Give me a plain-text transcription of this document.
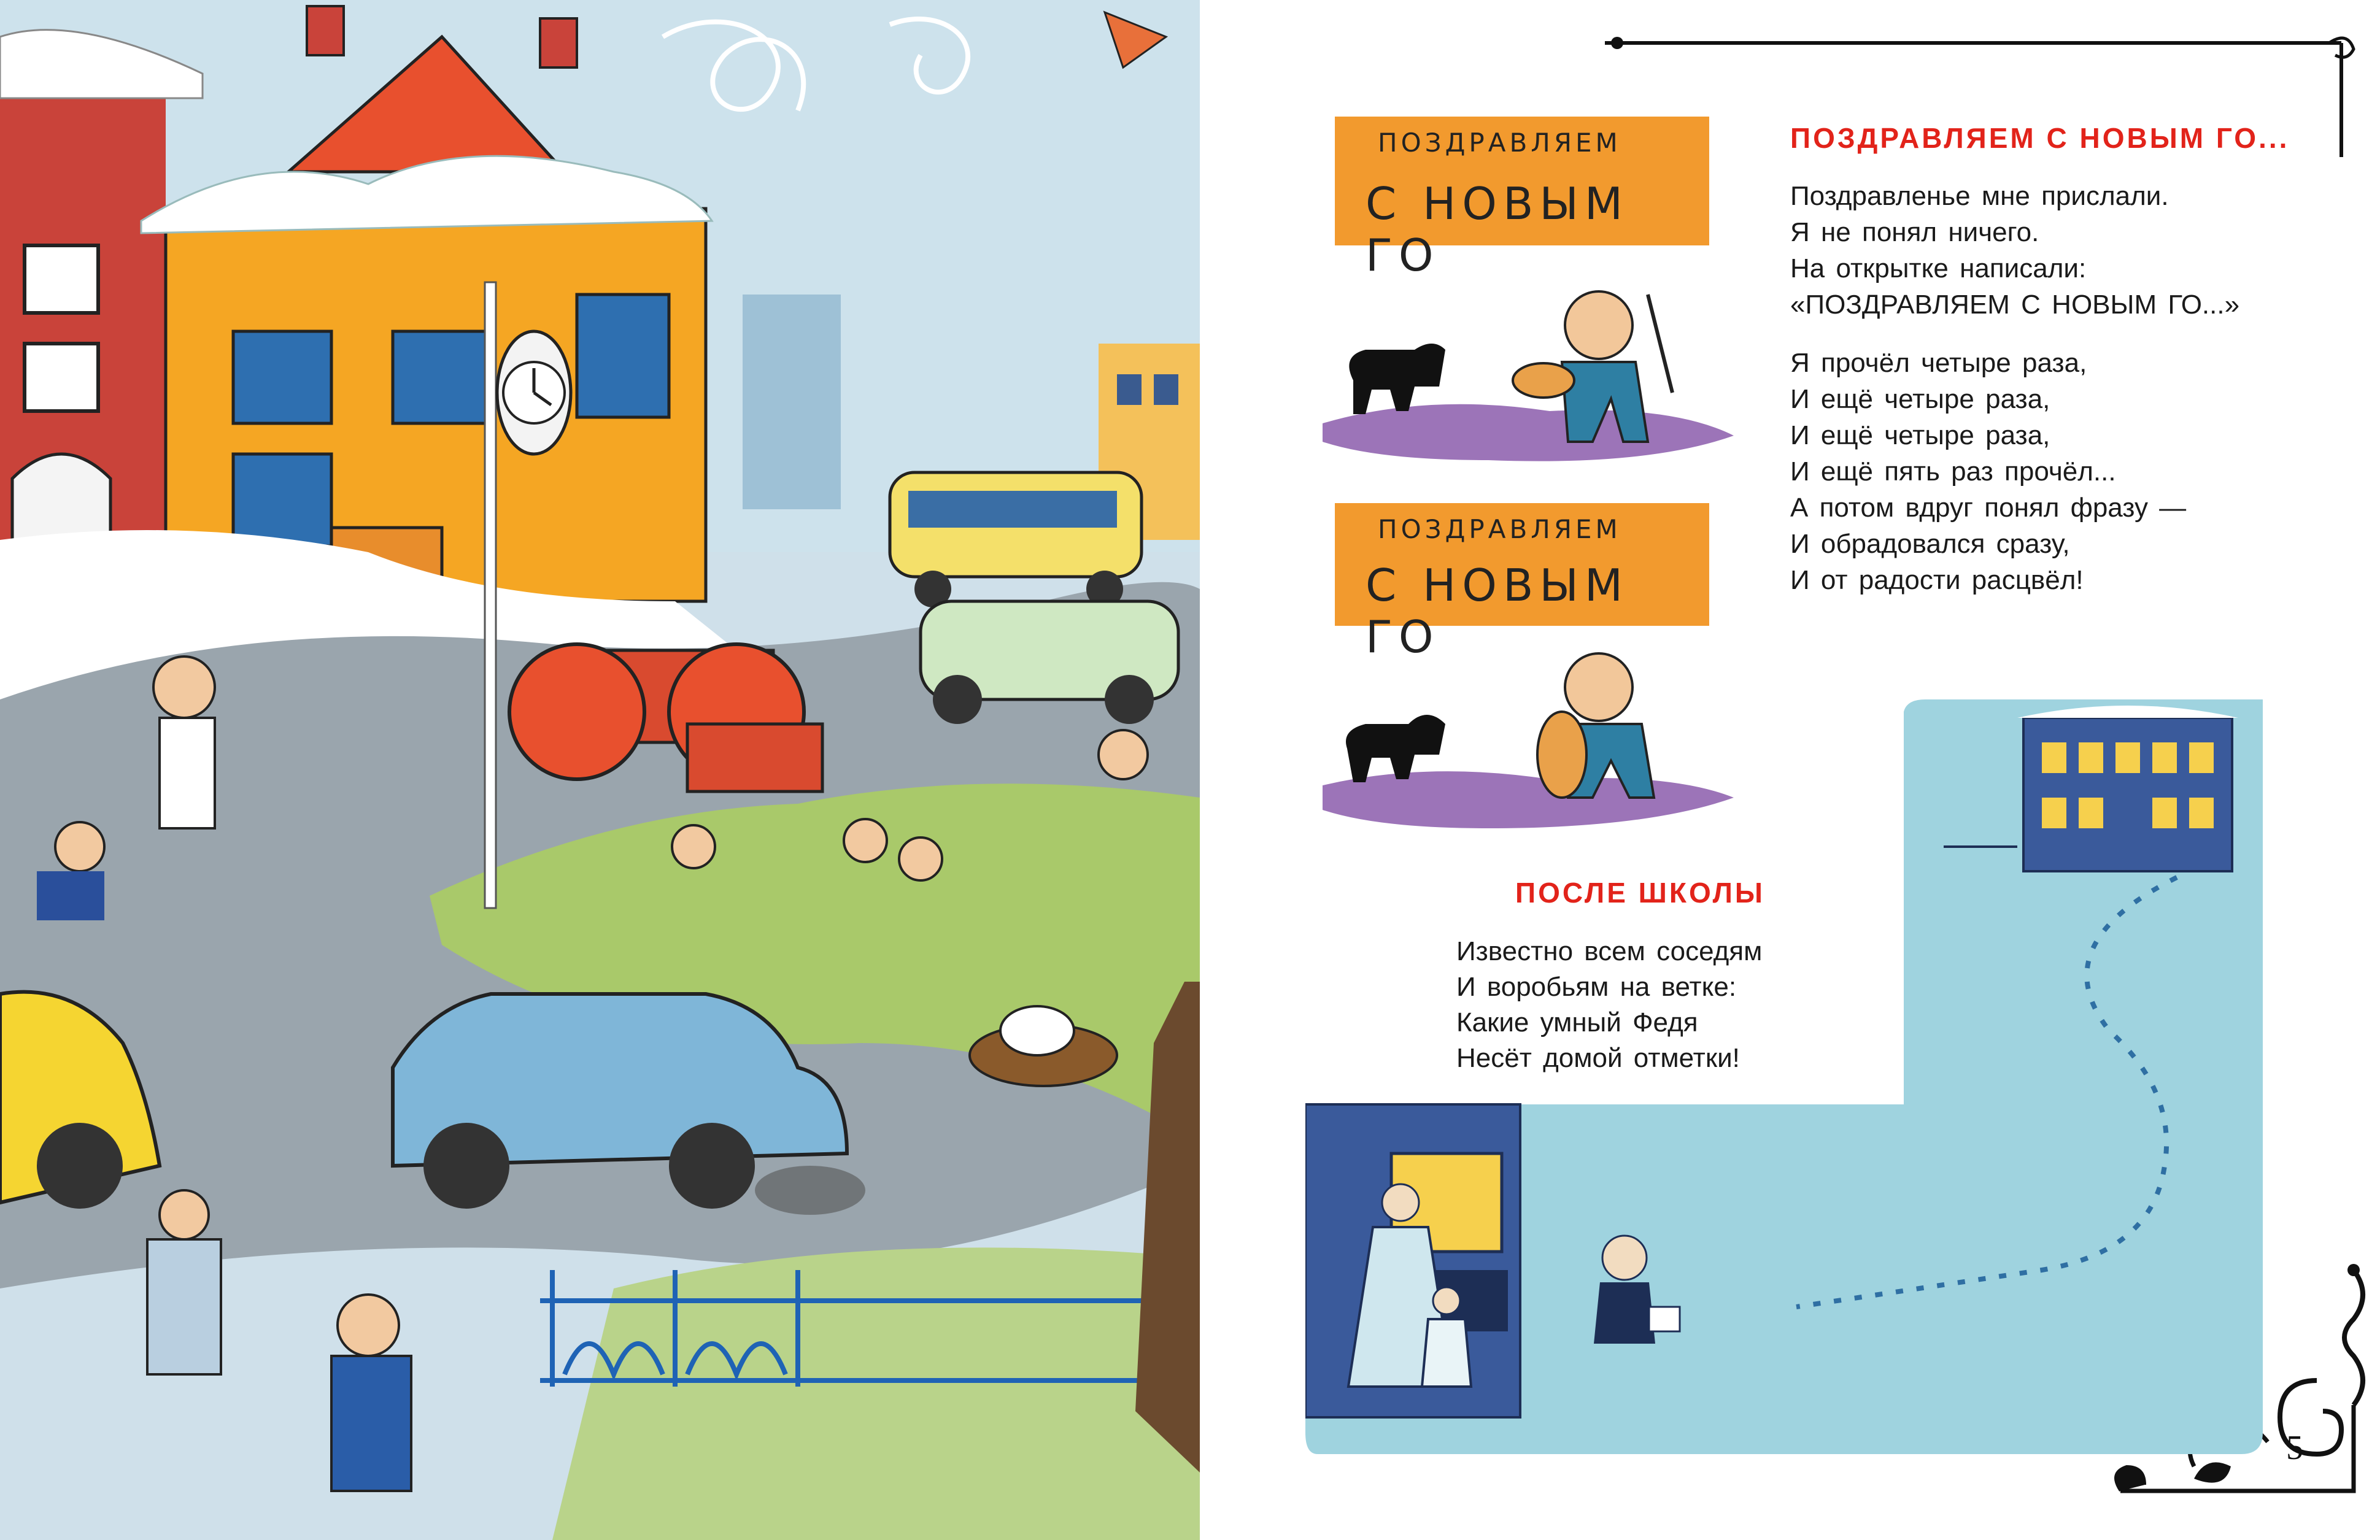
ПОЗДРАВЛЯЕМ
С НОВЫМ ГО
ПОЗДРАВЛЯЕМ
С НОВЫМ ГО
ПОЗДРАВЛЯЕМ С НОВЫМ ГО...
Поздравленье мне прислали.
Я не понял ничего.
На открытке написали:
«ПОЗДРАВЛЯЕМ С НОВЫМ ГО...»
Я прочёл четыре раза,
И ещё четыре раза,
И ещё четыре раза,
И ещё пять раз прочёл...
А потом вдруг понял фразу —
И обрадовался сразу,
И от радости расцвёл!
ПОСЛЕ ШКОЛЫ
Известно всем соседям
И воробьям на ветке:
Какие умный Федя
Несёт домой отметки!
5
